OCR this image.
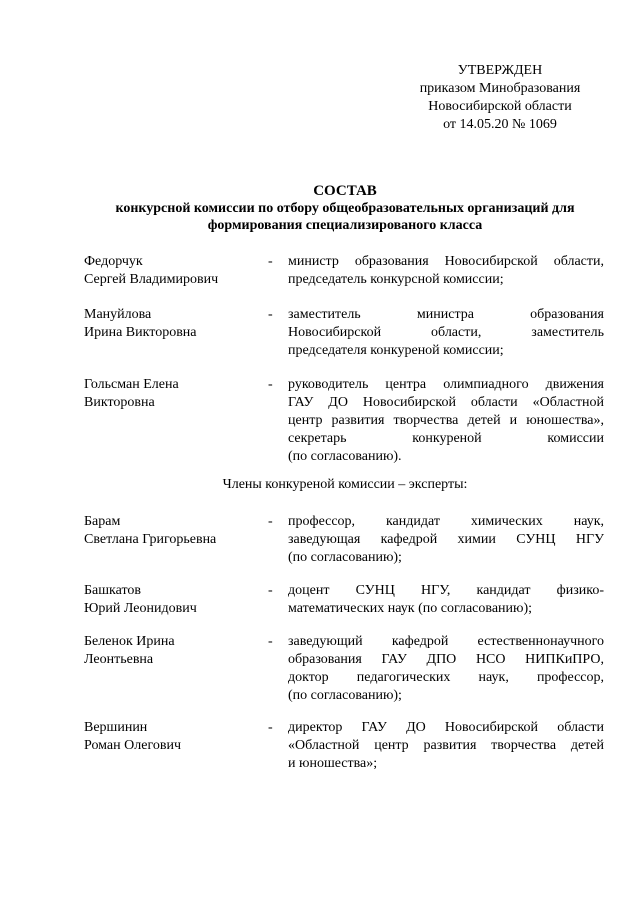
УТВЕРЖДЕН
приказом Минобразования
Новосибирской области
от 14.05.20 № 1069
СОСТАВ
конкурсной комиссии по отбору общеобразовательных организаций для
формирования специализированого класса
Федорчук
Сергей Владимирович
- министр образования Новосибирской области,
председатель конкурсной комиссии;
Мануйлова
Ирина Викторовна
- заместитель министра образования
Новосибирской области, заместитель
председателя конкуреной комиссии;
Гольсман Елена
Викторовна
- руководитель центра олимпиадного движения
ГАУ ДО Новосибирской области «Областной
центр развития творчества детей и юношества»,
секретарь конкуреной комиссии
(по согласованию).
Члены конкуреной комиссии – эксперты:
Барам
Светлана Григорьевна
- профессор, кандидат химических наук,
заведующая кафедрой химии СУНЦ НГУ
(по согласованию);
Башкатов
Юрий Леонидович
- доцент СУНЦ НГУ, кандидат физико-
математических наук (по согласованию);
Беленок Ирина
Леонтьевна
- заведующий кафедрой естественнонаучного
образования ГАУ ДПО НСО НИПКиПРО,
доктор педагогических наук, профессор,
(по согласованию);
Вершинин
Роман Олегович
- директор ГАУ ДО Новосибирской области
«Областной центр развития творчества детей
и юношества»;
